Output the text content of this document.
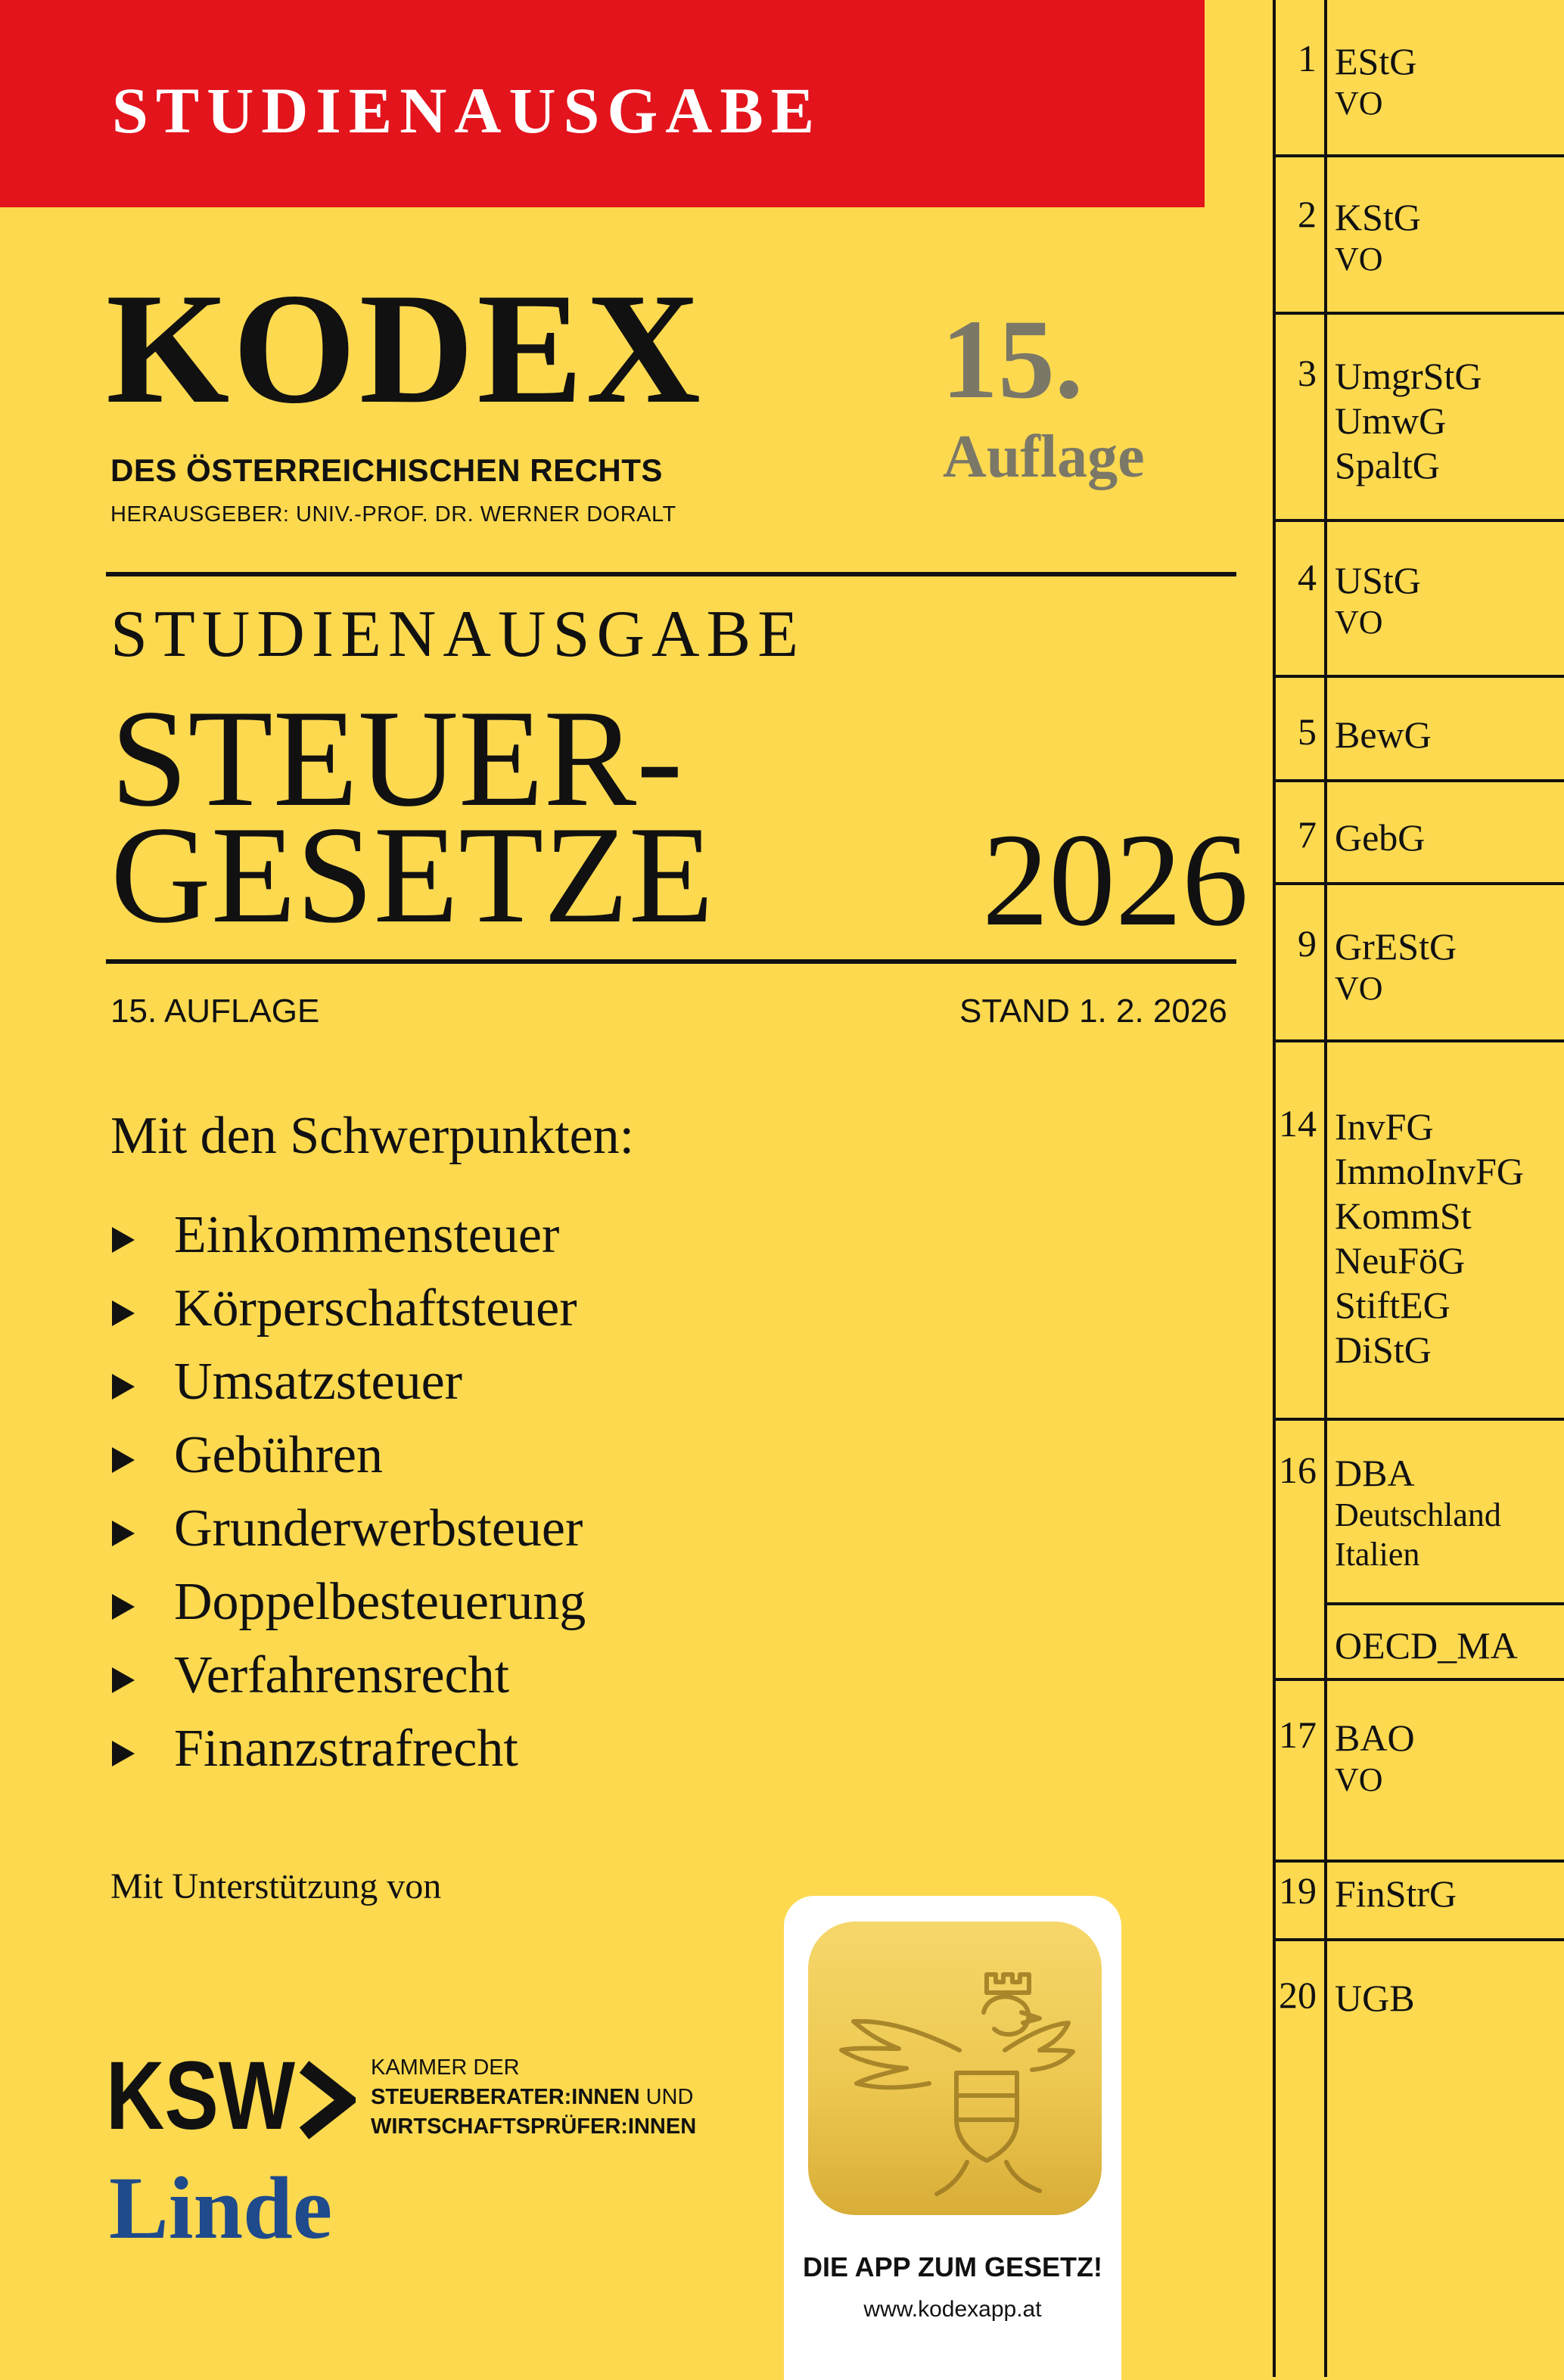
STUDIENAUSGABE
KODEX
DES ÖSTERREICHISCHEN RECHTS
HERAUSGEBER: UNIV.-PROF. DR. WERNER DORALT
15.
Auflage
STUDIENAUSGABE
STEUER-
GESETZE 2026
15. AUFLAGE	STAND 1. 2. 2026
Mit den Schwerpunkten:
Einkommensteuer
Körperschaftsteuer
Umsatzsteuer
Gebühren
Grunderwerbsteuer
Doppelbesteuerung
Verfahrensrecht
Finanzstrafrecht
Mit Unterstützung von
KSW	KAMMER DER
STEUERBERATER:INNEN UND
WIRTSCHAFTSPRÜFER:INNEN
Linde
DIE APP ZUM GESETZ!
www.kodexapp.at
1 EStG
VO
2 KStG
VO
3 UmgrStG
UmwG
SpaltG
4 UStG
VO
5 BewG
7 GebG
9 GrEStG
VO
14 InvFG
ImmoInvFG
KommSt
NeuFöG
StiftEG
DiStG
16 DBA
Deutschland
Italien
OECD_MA
17 BAO
VO
19 FinStrG
20 UGB
